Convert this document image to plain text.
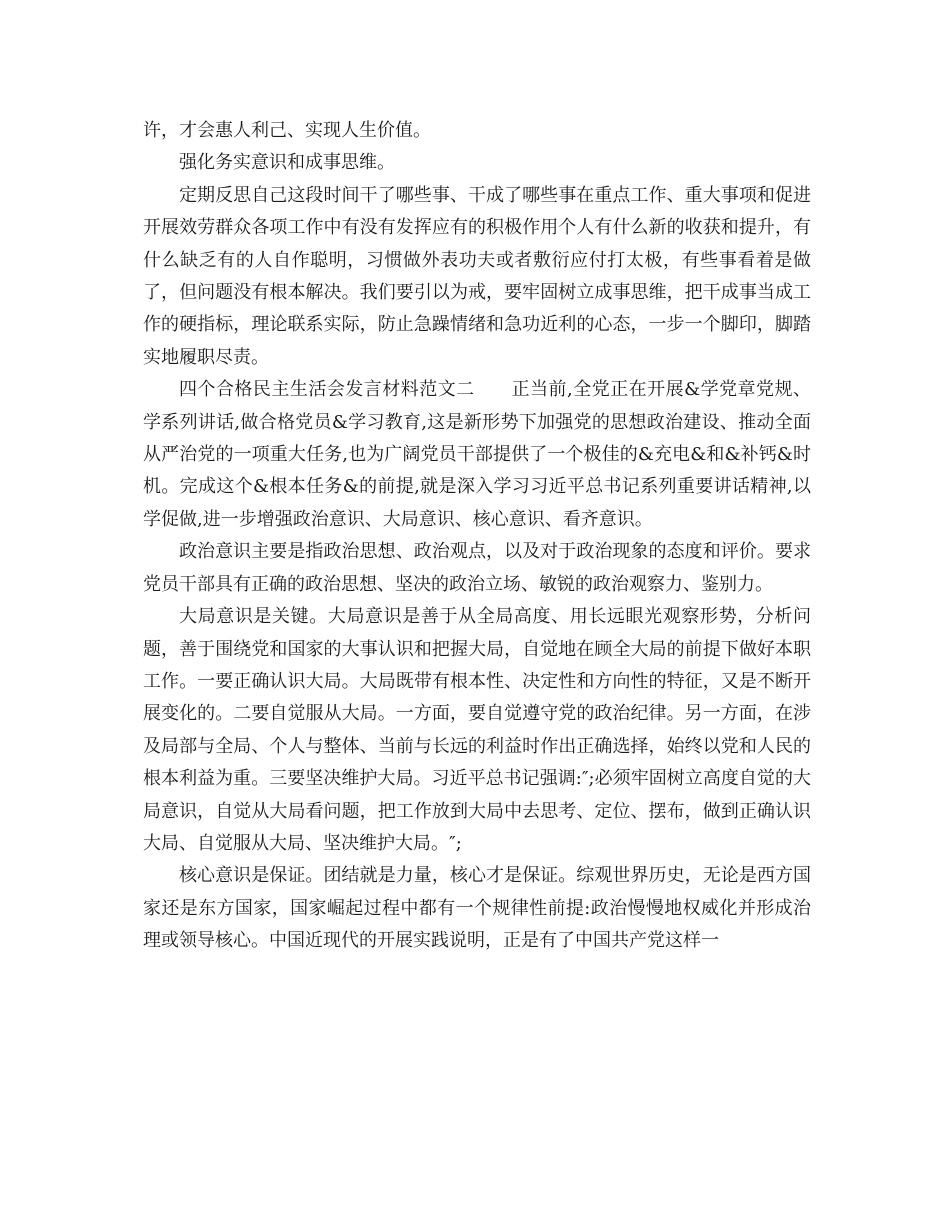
许，才会惠人利己、实现人生价值。

强化务实意识和成事思维。

定期反思自己这段时间干了哪些事、干成了哪些事在重点工作、重大事项和促进开展效劳群众各项工作中有没有发挥应有的积极作用个人有什么新的收获和提升，有什么缺乏有的人自作聪明，习惯做外表功夫或者敷衍应付打太极，有些事看着是做了，但问题没有根本解决。我们要引以为戒，要牢固树立成事思维，把干成事当成工作的硬指标，理论联系实际，防止急躁情绪和急功近利的心态，一步一个脚印，脚踏实地履职尽责。

四个合格民主生活会发言材料范文二　　正当前,全党正在开展&学党章党规、学系列讲话,做合格党员&学习教育,这是新形势下加强党的思想政治建设、推动全面从严治党的一项重大任务,也为广阔党员干部提供了一个极佳的&充电&和&补钙&时机。完成这个&根本任务&的前提,就是深入学习习近平总书记系列重要讲话精神,以学促做,进一步增强政治意识、大局意识、核心意识、看齐意识。

政治意识主要是指政治思想、政治观点，以及对于政治现象的态度和评价。要求党员干部具有正确的政治思想、坚决的政治立场、敏锐的政治观察力、鉴别力。

大局意识是关键。大局意识是善于从全局高度、用长远眼光观察形势，分析问题，善于围绕党和国家的大事认识和把握大局，自觉地在顾全大局的前提下做好本职工作。一要正确认识大局。大局既带有根本性、决定性和方向性的特征，又是不断开展变化的。二要自觉服从大局。一方面，要自觉遵守党的政治纪律。另一方面，在涉及局部与全局、个人与整体、当前与长远的利益时作出正确选择，始终以党和人民的根本利益为重。三要坚决维护大局。习近平总书记强调:″;必须牢固树立高度自觉的大局意识，自觉从大局看问题，把工作放到大局中去思考、定位、摆布，做到正确认识大局、自觉服从大局、坚决维护大局。″;

核心意识是保证。团结就是力量，核心才是保证。综观世界历史，无论是西方国家还是东方国家，国家崛起过程中都有一个规律性前提:政治慢慢地权威化并形成治理或领导核心。中国近现代的开展实践说明，正是有了中国共产党这样一
